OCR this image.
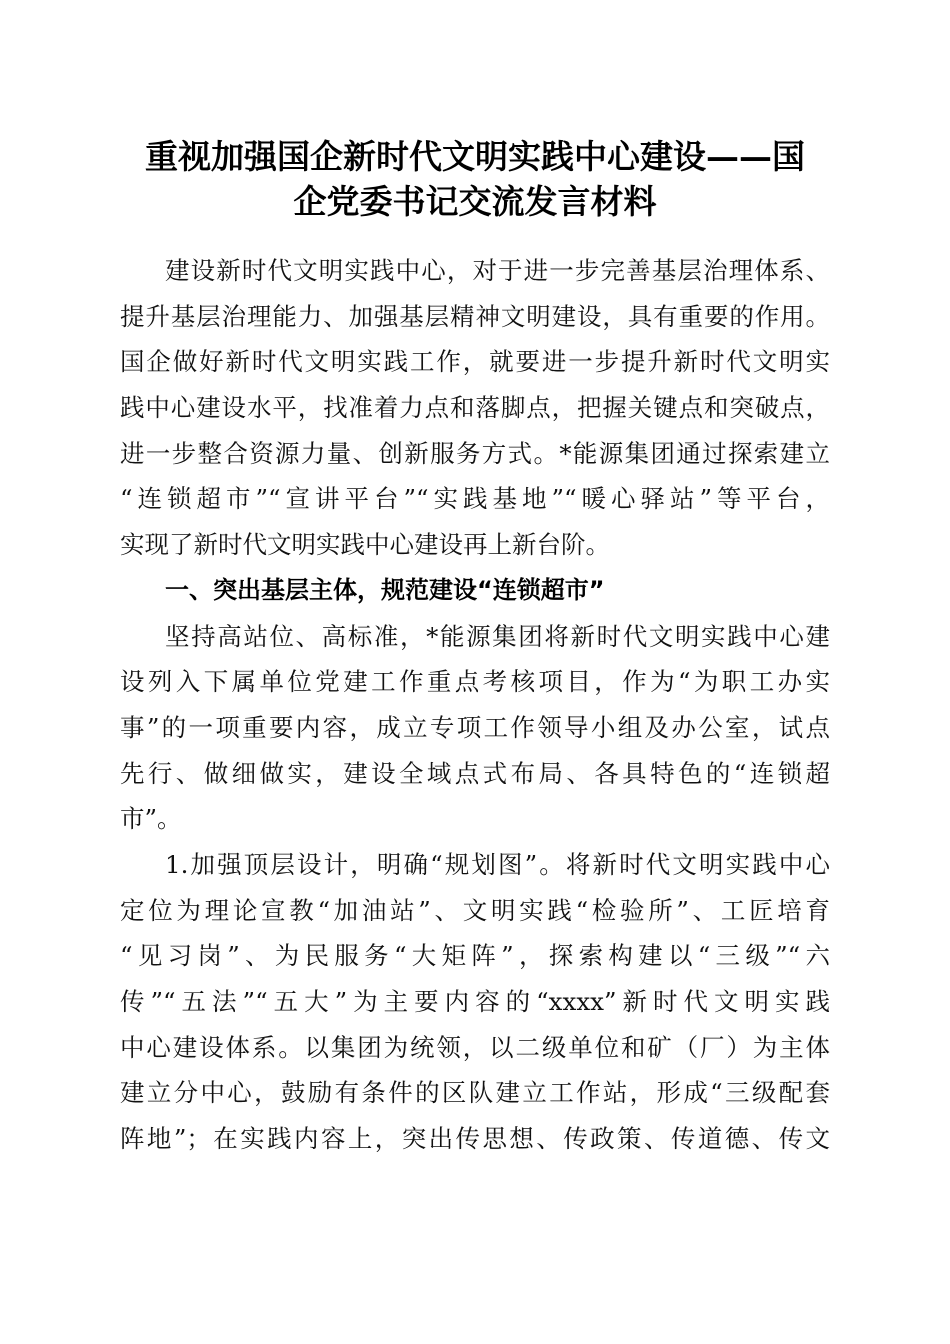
重视加强国企新时代文明实践中心建设——国
企党委书记交流发言材料
建设新时代文明实践中心，对于进一步完善基层治理体系、
提升基层治理能力、加强基层精神文明建设，具有重要的作用。
国企做好新时代文明实践工作，就要进一步提升新时代文明实
践中心建设水平，找准着力点和落脚点，把握关键点和突破点，
进一步整合资源力量、创新服务方式。*能源集团通过探索建立
“连锁超市”“宣讲平台”“实践基地”“暖心驿站”等平台，
实现了新时代文明实践中心建设再上新台阶。
一、突出基层主体，规范建设“连锁超市”
坚持高站位、高标准，*能源集团将新时代文明实践中心建
设列入下属单位党建工作重点考核项目，作为“为职工办实
事”的一项重要内容，成立专项工作领导小组及办公室，试点
先行、做细做实，建设全域点式布局、各具特色的“连锁超
市”。
1.加强顶层设计，明确“规划图”。将新时代文明实践中心
定位为理论宣教“加油站”、文明实践“检验所”、工匠培育
“见习岗”、为民服务“大矩阵”，探索构建以“三级”“六
传”“五法”“五大”为主要内容的“xxxx”新时代文明实践
中心建设体系。以集团为统领，以二级单位和矿（厂）为主体
建立分中心，鼓励有条件的区队建立工作站，形成“三级配套
阵地”；在实践内容上，突出传思想、传政策、传道德、传文
